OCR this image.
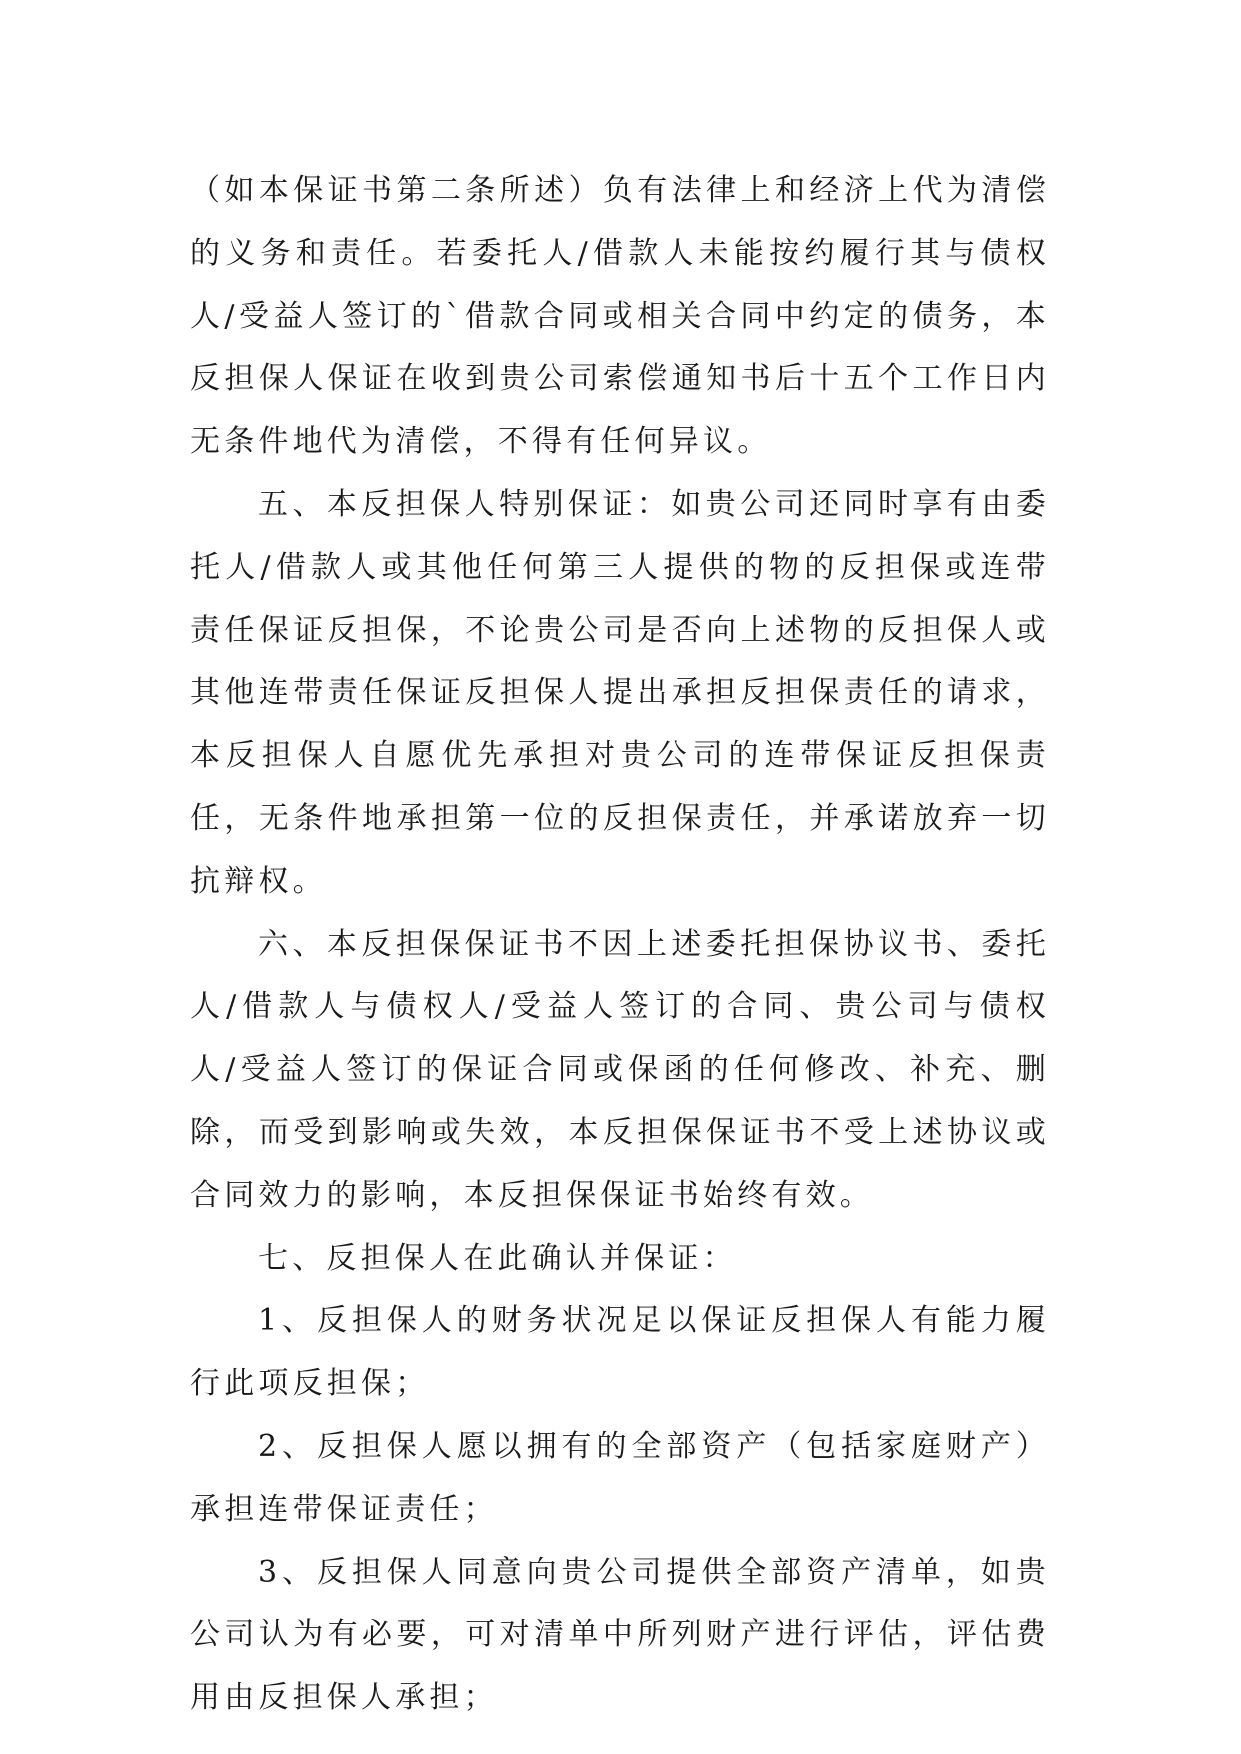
（如本保证书第二条所述）负有法律上和经济上代为清偿的义务和责任。若委托人/借款人未能按约履行其与债权人/受益人签订的`借款合同或相关合同中约定的债务，本反担保人保证在收到贵公司索偿通知书后十五个工作日内无条件地代为清偿，不得有任何异议。

五、本反担保人特别保证：如贵公司还同时享有由委托人/借款人或其他任何第三人提供的物的反担保或连带责任保证反担保，不论贵公司是否向上述物的反担保人或其他连带责任保证反担保人提出承担反担保责任的请求，本反担保人自愿优先承担对贵公司的连带保证反担保责任，无条件地承担第一位的反担保责任，并承诺放弃一切抗辩权。

六、本反担保保证书不因上述委托担保协议书、委托人/借款人与债权人/受益人签订的合同、贵公司与债权人/受益人签订的保证合同或保函的任何修改、补充、删除，而受到影响或失效，本反担保保证书不受上述协议或合同效力的影响，本反担保保证书始终有效。

七、反担保人在此确认并保证：

1、反担保人的财务状况足以保证反担保人有能力履行此项反担保；

2、反担保人愿以拥有的全部资产（包括家庭财产）承担连带保证责任；

3、反担保人同意向贵公司提供全部资产清单，如贵公司认为有必要，可对清单中所列财产进行评估，评估费用由反担保人承担；
